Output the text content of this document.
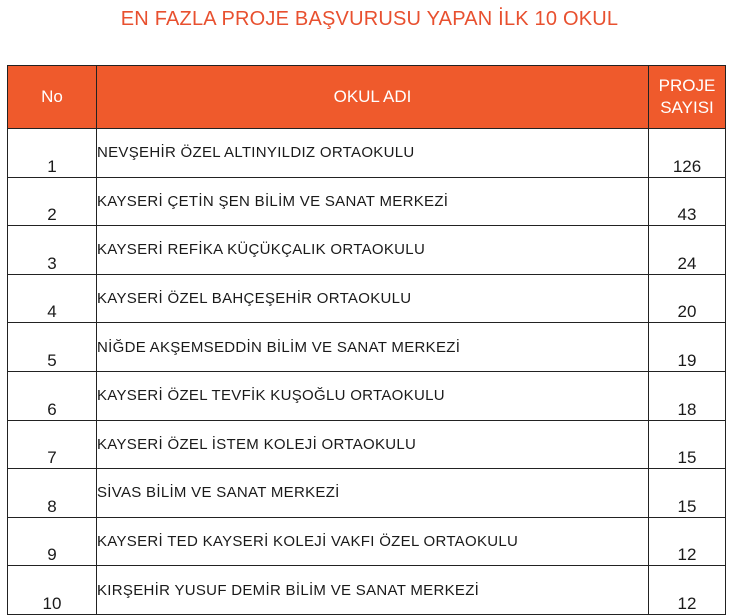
EN FAZLA PROJE BAŞVURUSU YAPAN İLK 10 OKUL
No	OKUL ADI	PROJE
SAYISI

1	NEVŞEHİR ÖZEL ALTINYILDIZ ORTAOKULU	126
2	KAYSERİ ÇETİN ŞEN BİLİM VE SANAT MERKEZİ	43
3	KAYSERİ REFİKA KÜÇÜKÇALIK ORTAOKULU	24
4	KAYSERİ ÖZEL BAHÇEŞEHİR ORTAOKULU	20
5	NİĞDE AKŞEMSEDDİN BİLİM VE SANAT MERKEZİ	19
6	KAYSERİ ÖZEL TEVFİK KUŞOĞLU ORTAOKULU	18
7	KAYSERİ ÖZEL İSTEM KOLEJİ ORTAOKULU	15
8	SİVAS BİLİM VE SANAT MERKEZİ	15
9	KAYSERİ TED KAYSERİ KOLEJİ VAKFI ÖZEL ORTAOKULU	12
10	KIRŞEHİR YUSUF DEMİR BİLİM VE SANAT MERKEZİ	12
